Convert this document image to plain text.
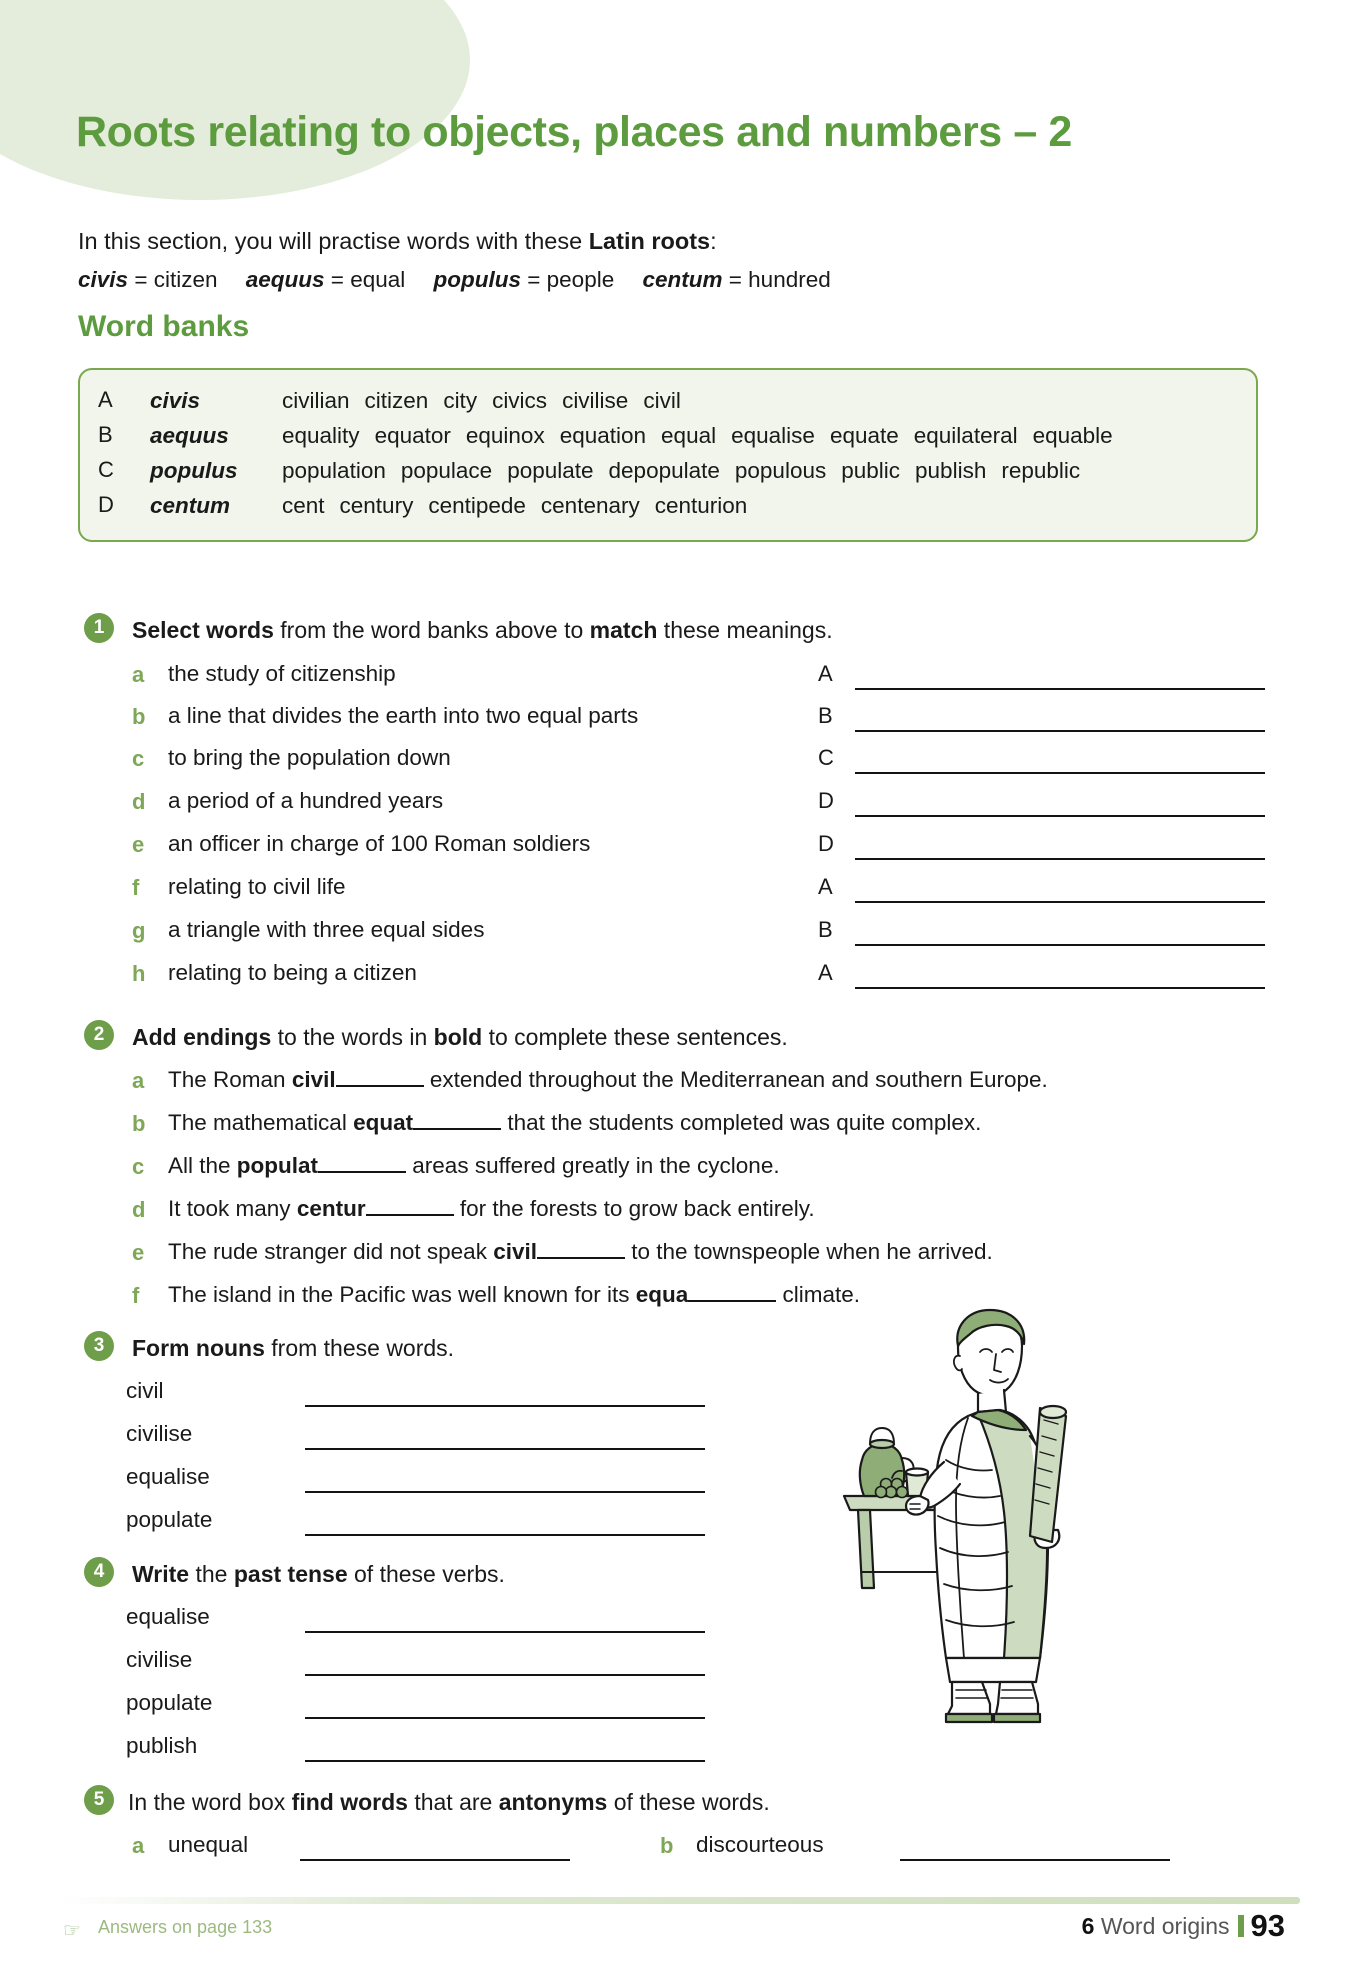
Roots relating to objects, places and numbers – 2
In this section, you will practise words with these Latin roots:
civis = citizen aequus = equal populus = people centum = hundred
Word banks
A	civis	civilian citizen city civics civilise civil
B	aequus	equality equator equinox equation equal equalise equate equilateral equable
C	populus	population populace populate depopulate populous public publish republic
D	centum	cent century centipede centenary centurion
1	Select words from the word banks above to match these meanings.
a	the study of citizenship	A
b	a line that divides the earth into two equal parts	B
c	to bring the population down	C
d	a period of a hundred years	D
e	an officer in charge of 100 Roman soldiers	D
f	relating to civil life	A
g	a triangle with three equal sides	B
h	relating to being a citizen	A
2	Add endings to the words in bold to complete these sentences.
a	The Roman civil	extended throughout the Mediterranean and southern Europe.
b	The mathematical equat	that the students completed was quite complex.
c	All the populat	areas suffered greatly in the cyclone.
d	It took many centur	for the forests to grow back entirely.
e	The rude stranger did not speak civil	to the townspeople when he arrived.
f	The island in the Pacific was well known for its equa	climate.
3	Form nouns from these words.
civil
civilise
equalise
populate
4	Write the past tense of these verbs.
equalise
civilise
populate
publish
5	In the word box find words that are antonyms of these words.
a	unequal	b	discourteous
☞ Answers on page 133	6 Word origins 93
